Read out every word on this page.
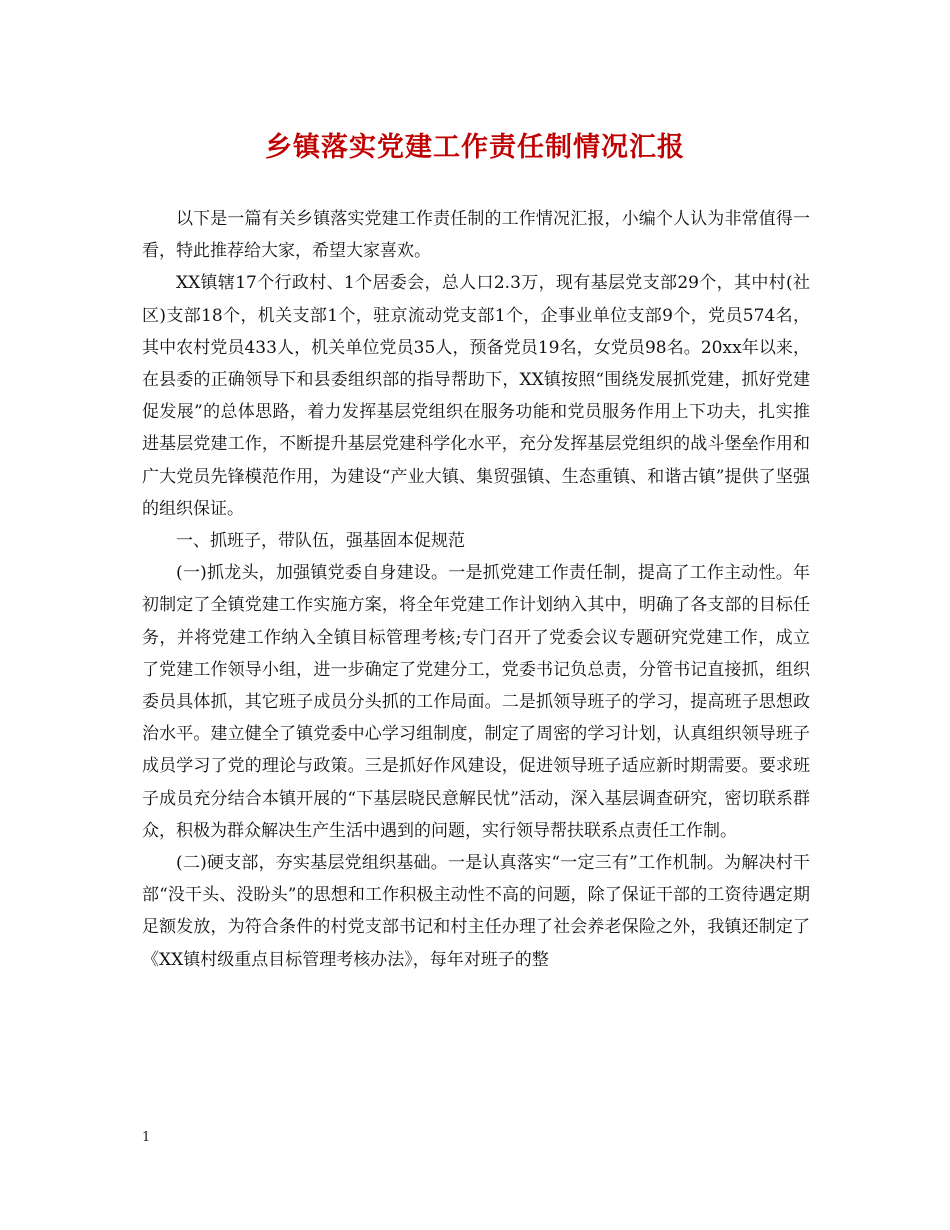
乡镇落实党建工作责任制情况汇报

以下是一篇有关乡镇落实党建工作责任制的工作情况汇报，小编个人认为非常值得一看，特此推荐给大家，希望大家喜欢。

XX镇辖17个行政村、1个居委会，总人口2.3万，现有基层党支部29个，其中村(社区)支部18个，机关支部1个，驻京流动党支部1个，企事业单位支部9个，党员574名，其中农村党员433人，机关单位党员35人，预备党员19名，女党员98名。20xx年以来，在县委的正确领导下和县委组织部的指导帮助下，XX镇按照“围绕发展抓党建，抓好党建促发展”的总体思路，着力发挥基层党组织在服务功能和党员服务作用上下功夫，扎实推进基层党建工作，不断提升基层党建科学化水平，充分发挥基层党组织的战斗堡垒作用和广大党员先锋模范作用，为建设“产业大镇、集贸强镇、生态重镇、和谐古镇”提供了坚强的组织保证。

一、抓班子，带队伍，强基固本促规范

(一)抓龙头，加强镇党委自身建设。一是抓党建工作责任制，提高了工作主动性。年初制定了全镇党建工作实施方案，将全年党建工作计划纳入其中，明确了各支部的目标任务，并将党建工作纳入全镇目标管理考核;专门召开了党委会议专题研究党建工作，成立了党建工作领导小组，进一步确定了党建分工，党委书记负总责，分管书记直接抓，组织委员具体抓，其它班子成员分头抓的工作局面。二是抓领导班子的学习，提高班子思想政治水平。建立健全了镇党委中心学习组制度，制定了周密的学习计划，认真组织领导班子成员学习了党的理论与政策。三是抓好作风建设，促进领导班子适应新时期需要。要求班子成员充分结合本镇开展的“下基层晓民意解民忧”活动，深入基层调查研究，密切联系群众，积极为群众解决生产生活中遇到的问题，实行领导帮扶联系点责任工作制。

(二)硬支部，夯实基层党组织基础。一是认真落实“一定三有”工作机制。为解决村干部“没干头、没盼头”的思想和工作积极主动性不高的问题，除了保证干部的工资待遇定期足额发放，为符合条件的村党支部书记和村主任办理了社会养老保险之外，我镇还制定了《XX镇村级重点目标管理考核办法》，每年对班子的整

1
